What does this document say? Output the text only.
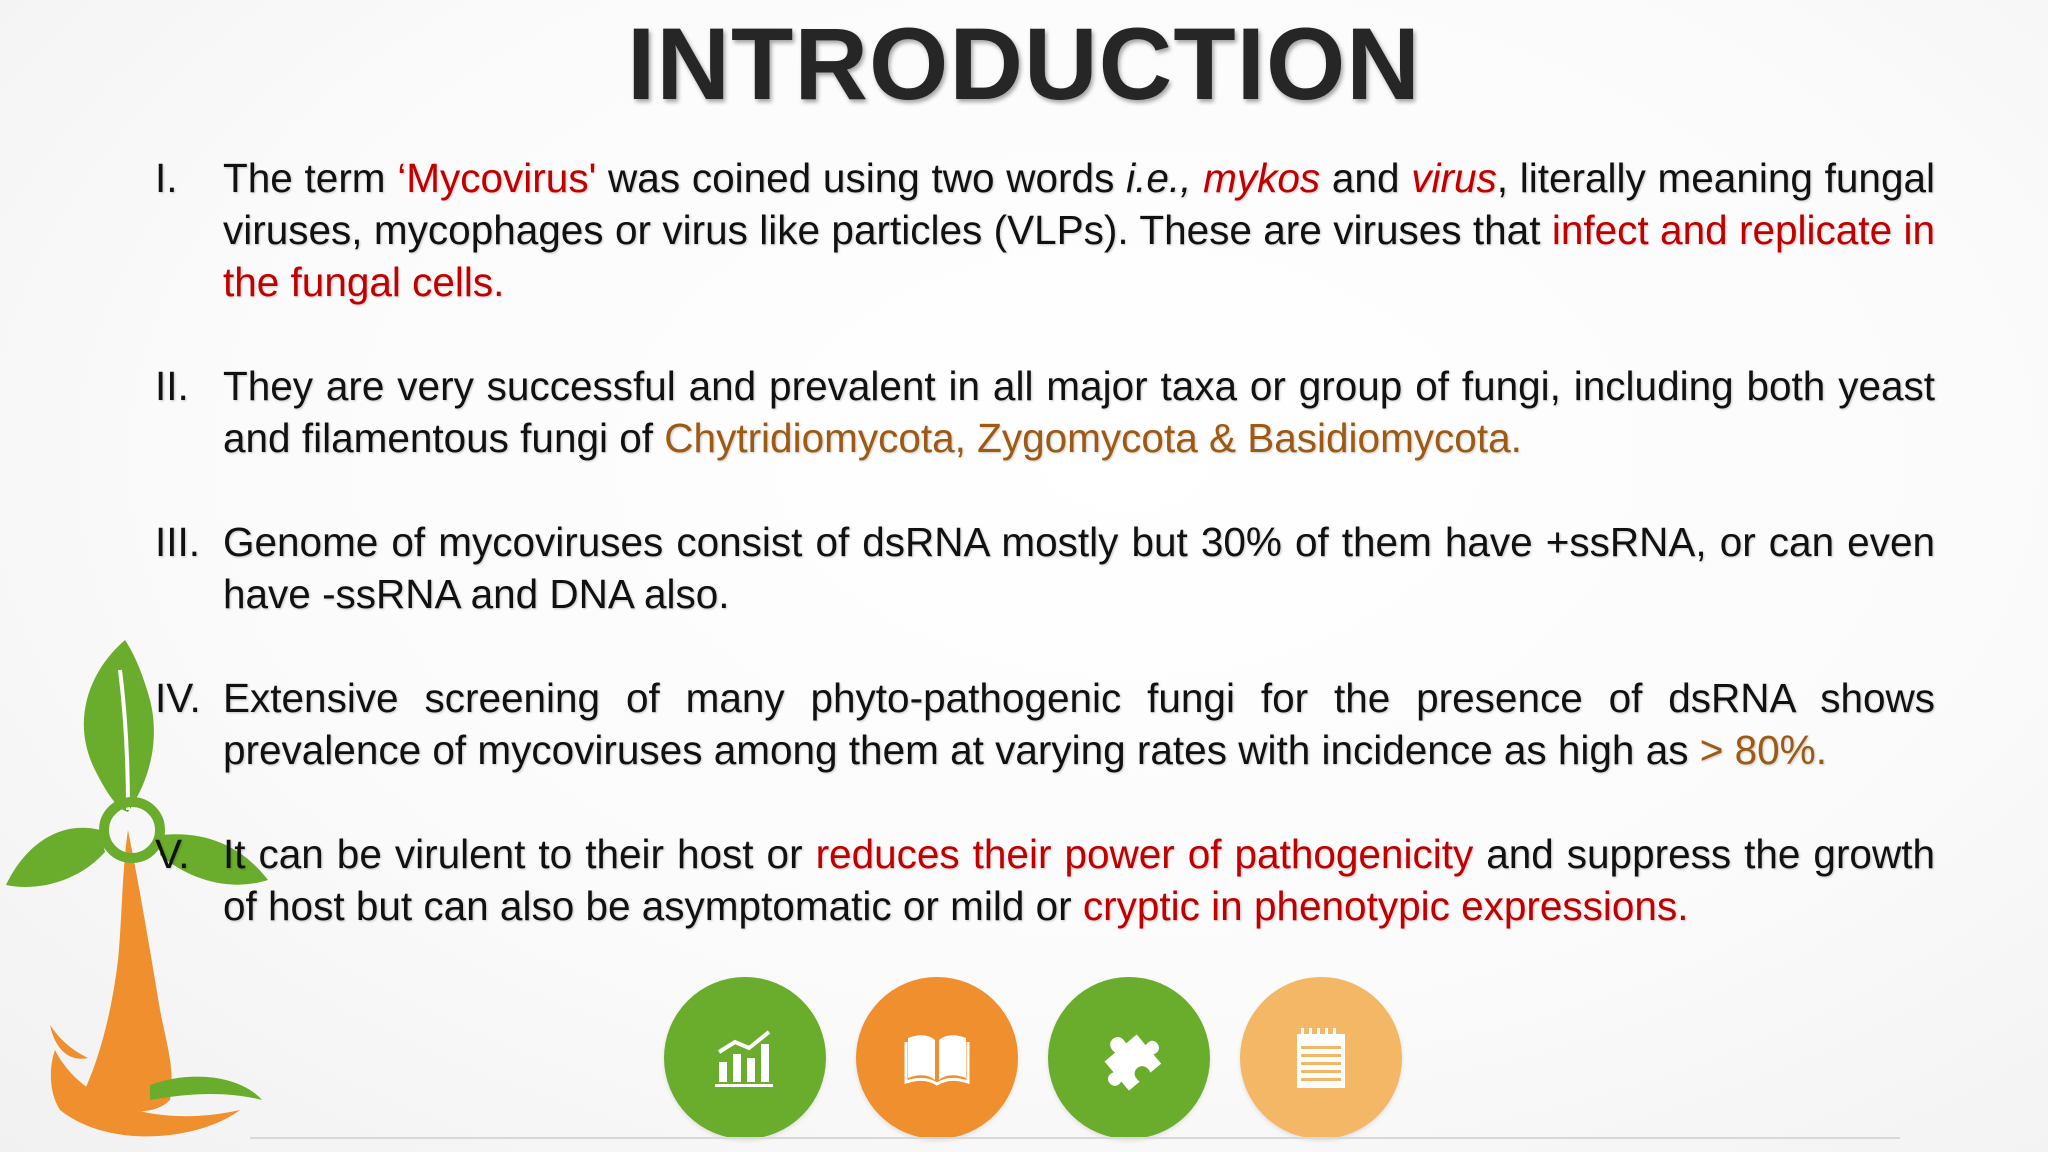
INTRODUCTION
I. The term ‘Mycovirus' was coined using two words i.e., mykos and virus, literally meaning fungal viruses, mycophages or virus like particles (VLPs). These are viruses that infect and replicate in the fungal cells.
II. They are very successful and prevalent in all major taxa or group of fungi, including both yeast and filamentous fungi of Chytridiomycota, Zygomycota & Basidiomycota.
III. Genome of mycoviruses consist of dsRNA mostly but 30% of them have +ssRNA, or can even have -ssRNA and DNA also.
IV. Extensive screening of many phyto-pathogenic fungi for the presence of dsRNA shows prevalence of mycoviruses among them at varying rates with incidence as high as > 80%.
V. It can be virulent to their host or reduces their power of pathogenicity and suppress the growth of host but can also be asymptomatic or mild or cryptic in phenotypic expressions.
